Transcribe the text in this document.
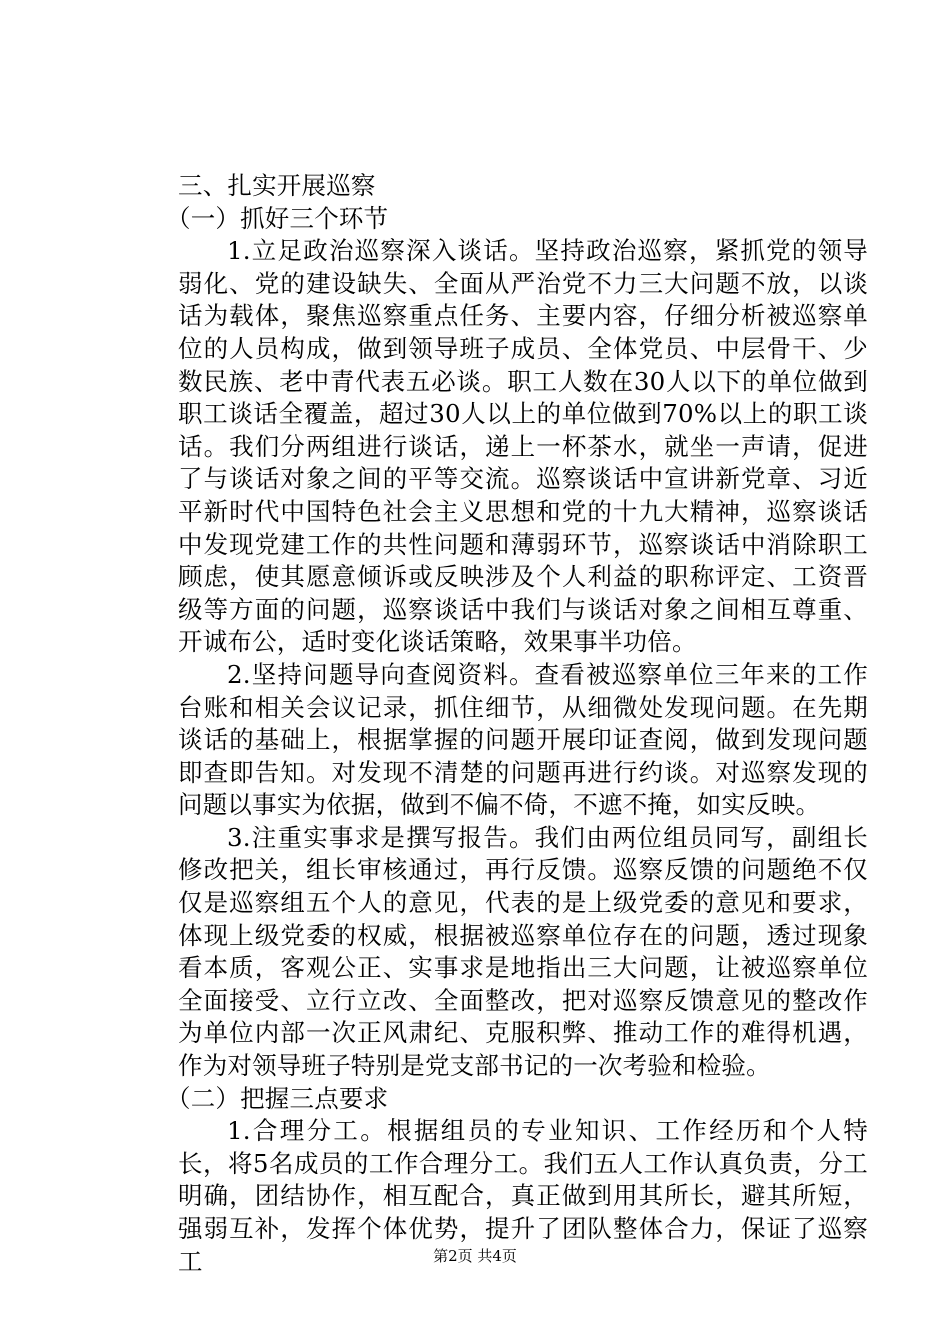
三、扎实开展巡察

（一）抓好三个环节

1.立足政治巡察深入谈话。坚持政治巡察，紧抓党的领导弱化、党的建设缺失、全面从严治党不力三大问题不放，以谈话为载体，聚焦巡察重点任务、主要内容，仔细分析被巡察单位的人员构成，做到领导班子成员、全体党员、中层骨干、少数民族、老中青代表五必谈。职工人数在30人以下的单位做到职工谈话全覆盖，超过30人以上的单位做到70%以上的职工谈话。我们分两组进行谈话，递上一杯茶水，就坐一声请，促进了与谈话对象之间的平等交流。巡察谈话中宣讲新党章、习近平新时代中国特色社会主义思想和党的十九大精神，巡察谈话中发现党建工作的共性问题和薄弱环节，巡察谈话中消除职工顾虑，使其愿意倾诉或反映涉及个人利益的职称评定、工资晋级等方面的问题，巡察谈话中我们与谈话对象之间相互尊重、开诚布公，适时变化谈话策略，效果事半功倍。

2.坚持问题导向查阅资料。查看被巡察单位三年来的工作台账和相关会议记录，抓住细节，从细微处发现问题。在先期谈话的基础上，根据掌握的问题开展印证查阅，做到发现问题即查即告知。对发现不清楚的问题再进行约谈。对巡察发现的问题以事实为依据，做到不偏不倚，不遮不掩，如实反映。

3.注重实事求是撰写报告。我们由两位组员同写，副组长修改把关，组长审核通过，再行反馈。巡察反馈的问题绝不仅仅是巡察组五个人的意见，代表的是上级党委的意见和要求，体现上级党委的权威，根据被巡察单位存在的问题，透过现象看本质，客观公正、实事求是地指出三大问题，让被巡察单位全面接受、立行立改、全面整改，把对巡察反馈意见的整改作为单位内部一次正风肃纪、克服积弊、推动工作的难得机遇，作为对领导班子特别是党支部书记的一次考验和检验。

（二）把握三点要求

1.合理分工。根据组员的专业知识、工作经历和个人特长，将5名成员的工作合理分工。我们五人工作认真负责，分工明确，团结协作，相互配合，真正做到用其所长，避其所短，强弱互补，发挥个体优势，提升了团队整体合力，保证了巡察工	第2页 共4页
